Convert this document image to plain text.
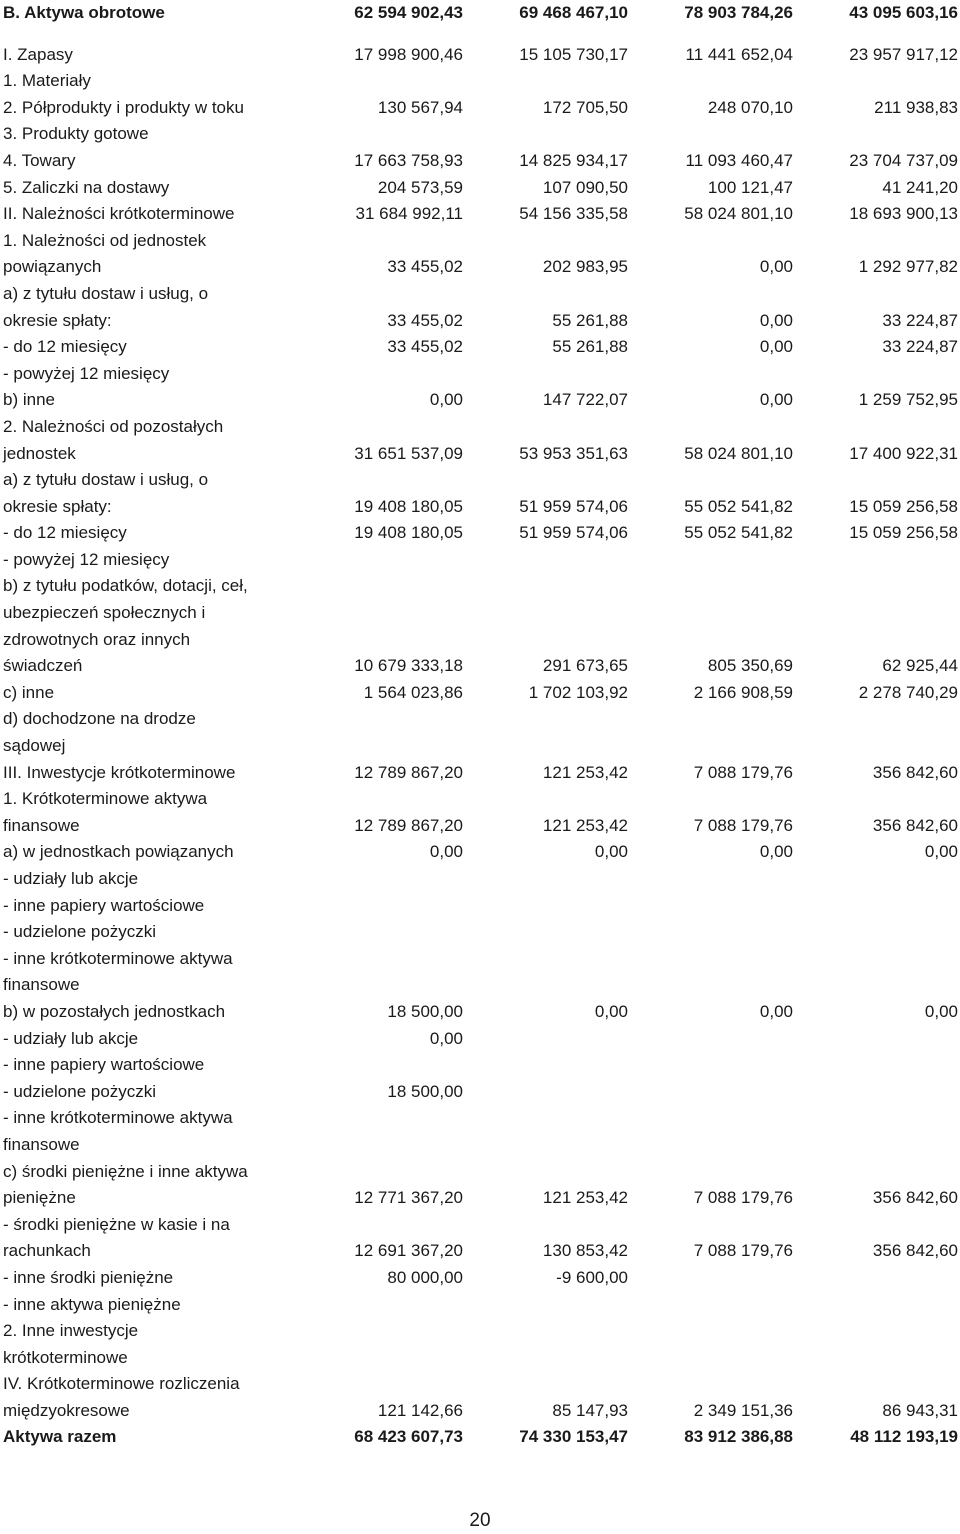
B. Aktywa obrotowe	62 594 902,43	69 468 467,10	78 903 784,26	43 095 603,16
I. Zapasy	17 998 900,46	15 105 730,17	11 441 652,04	23 957 917,12
1. Materiały				
2. Półprodukty i produkty w toku	130 567,94	172 705,50	248 070,10	211 938,83
3. Produkty gotowe				
4. Towary	17 663 758,93	14 825 934,17	11 093 460,47	23 704 737,09
5. Zaliczki na dostawy	204 573,59	107 090,50	100 121,47	41 241,20
II. Należności krótkoterminowe	31 684 992,11	54 156 335,58	58 024 801,10	18 693 900,13
1. Należności od jednostek				
powiązanych	33 455,02	202 983,95	0,00	1 292 977,82
a) z tytułu dostaw i usług, o				
okresie spłaty:	33 455,02	55 261,88	0,00	33 224,87
- do 12 miesięcy	33 455,02	55 261,88	0,00	33 224,87
- powyżej 12 miesięcy				
b) inne	0,00	147 722,07	0,00	1 259 752,95
2. Należności od pozostałych				
jednostek	31 651 537,09	53 953 351,63	58 024 801,10	17 400 922,31
a) z tytułu dostaw i usług, o				
okresie spłaty:	19 408 180,05	51 959 574,06	55 052 541,82	15 059 256,58
- do 12 miesięcy	19 408 180,05	51 959 574,06	55 052 541,82	15 059 256,58
- powyżej 12 miesięcy				
b) z tytułu podatków, dotacji, ceł,				
ubezpieczeń społecznych i				
zdrowotnych oraz innych				
świadczeń	10 679 333,18	291 673,65	805 350,69	62 925,44
c) inne	1 564 023,86	1 702 103,92	2 166 908,59	2 278 740,29
d) dochodzone na drodze				
sądowej				
III. Inwestycje krótkoterminowe	12 789 867,20	121 253,42	7 088 179,76	356 842,60
1. Krótkoterminowe aktywa				
finansowe	12 789 867,20	121 253,42	7 088 179,76	356 842,60
a) w jednostkach powiązanych	0,00	0,00	0,00	0,00
- udziały lub akcje				
- inne papiery wartościowe				
- udzielone pożyczki				
- inne krótkoterminowe aktywa				
finansowe				
b) w pozostałych jednostkach	18 500,00	0,00	0,00	0,00
- udziały lub akcje	0,00			
- inne papiery wartościowe				
- udzielone pożyczki	18 500,00			
- inne krótkoterminowe aktywa				
finansowe				
c) środki pieniężne i inne aktywa				
pieniężne	12 771 367,20	121 253,42	7 088 179,76	356 842,60
- środki pieniężne w kasie i na				
rachunkach	12 691 367,20	130 853,42	7 088 179,76	356 842,60
- inne środki pieniężne	80 000,00	-9 600,00		
- inne aktywa pieniężne				
2. Inne inwestycje				
krótkoterminowe				
IV. Krótkoterminowe rozliczenia				
międzyokresowe	121 142,66	85 147,93	2 349 151,36	86 943,31
Aktywa razem	68 423 607,73	74 330 153,47	83 912 386,88	48 112 193,19
20
